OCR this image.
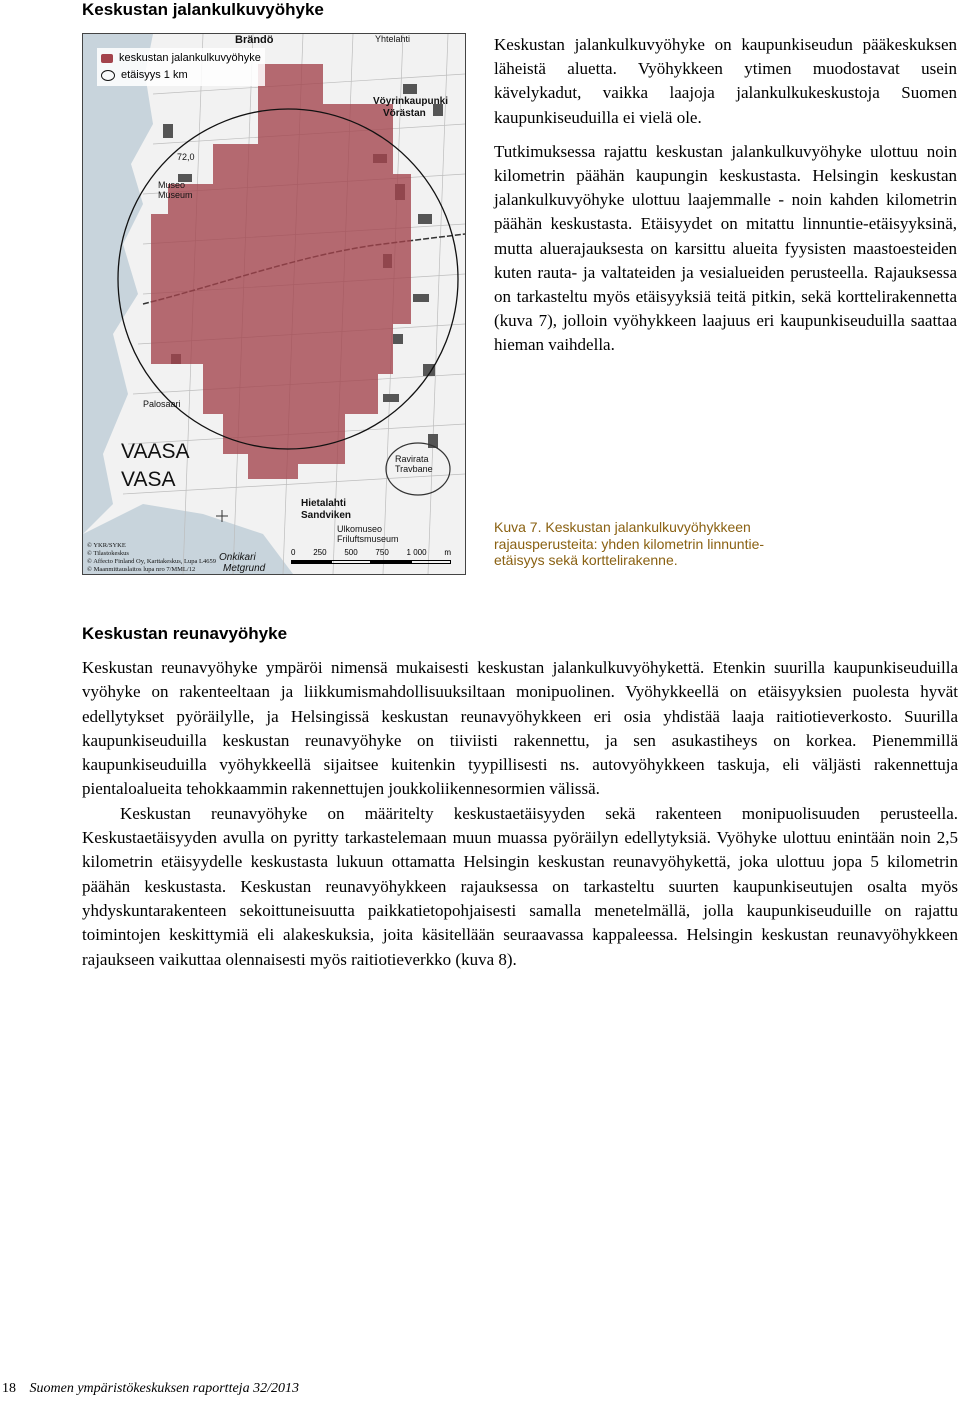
Keskustan jalankulkuvyöhyke
keskustan jalankulkuvyöhyke
etäisyys 1 km
Brändö	Yhtelahti
Vöyrinkaupunki
Vörästan
Museo
Museum
72,0
Palosaari
Ravirata
Travbane
Hietalahti
Sandviken
Ulkomuseo
Friluftsmuseum
Onkikari
Metgrund
VAASA
VASA
© YKR/SYKE
© Tilastokeskus
© Affecto Finland Oy, Karttakeskus, Lupa L4659
© Maanmittauslaitos lupa nro 7/MML/12
0 250 500 750 1 000 m

Keskustan jalankulkuvyöhyke on kaupunkiseudun pääkeskuksen läheistä aluetta. Vyöhykkeen ytimen muodostavat usein kävelykadut, vaikka laajoja jalankulkukeskustoja Suomen kaupunkiseuduilla ei vielä ole.

Tutkimuksessa rajattu keskustan jalankulkuvyöhyke ulottuu noin kilometrin päähän kaupungin keskustasta. Helsingin keskustan jalankulkuvyöhyke ulottuu laajemmalle - noin kahden kilometrin päähän keskustasta. Etäisyydet on mitattu linnuntie-etäisyyksinä, mutta aluerajauksesta on karsittu alueita fyysisten maastoesteiden kuten rauta- ja valtateiden ja vesialueiden perusteella. Rajauksessa on tarkasteltu myös etäisyyksiä teitä pitkin, sekä korttelirakennetta (kuva 7), jolloin vyöhykkeen laajuus eri kaupunkiseuduilla saattaa hieman vaihdella.

Kuva 7. Keskustan jalankulkuvyöhykkeen rajausperusteita: yhden kilometrin linnuntie-etäisyys sekä korttelirakenne.

Keskustan reunavyöhyke

Keskustan reunavyöhyke ympäröi nimensä mukaisesti keskustan jalankulkuvyöhykettä. Etenkin suurilla kaupunkiseuduilla vyöhyke on rakenteeltaan ja liikkumismahdollisuuksiltaan monipuolinen. Vyöhykkeellä on etäisyyksien puolesta hyvät edellytykset pyöräilylle, ja Helsingissä keskustan reunavyöhykkeen eri osia yhdistää laaja raitiotieverkosto. Suurilla kaupunkiseuduilla keskustan reunavyöhyke on tiiviisti rakennettu, ja sen asukastiheys on korkea. Pienemmillä kaupunkiseuduilla vyöhykkeellä sijaitsee kuitenkin tyypillisesti ns. autovyöhykkeen taskuja, eli väljästi rakennettuja pientaloalueita tehokkaammin rakennettujen joukkoliikennesormien välissä.

Keskustan reunavyöhyke on määritelty keskustaetäisyyden sekä rakenteen monipuolisuuden perusteella. Keskustaetäisyyden avulla on pyritty tarkastelemaan muun muassa pyöräilyn edellytyksiä. Vyöhyke ulottuu enintään noin 2,5 kilometrin etäisyydelle keskustasta lukuun ottamatta Helsingin keskustan reunavyöhykettä, joka ulottuu jopa 5 kilometrin päähän keskustasta. Keskustan reunavyöhykkeen rajauksessa on tarkasteltu suurten kaupunkiseutujen osalta myös yhdyskuntarakenteen sekoittuneisuutta paikkatietopohjaisesti samalla menetelmällä, jolla kaupunkiseuduille on rajattu toimintojen keskittymiä eli alakeskuksia, joita käsitellään seuraavassa kappaleessa. Helsingin keskustan reunavyöhykkeen rajaukseen vaikuttaa olennaisesti myös raitiotieverkko (kuva 8).

18 Suomen ympäristökeskuksen raportteja 32/2013
